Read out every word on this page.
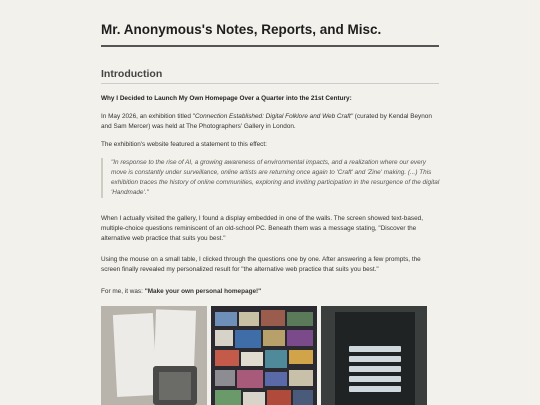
Mr. Anonymous's Notes, Reports, and Misc.
Introduction

Why I Decided to Launch My Own Homepage Over a Quarter into the 21st Century:

In May 2026, an exhibition titled "Connection Established: Digital Folklore and Web Craft" (curated by Kendal Beynon and Sam Mercer) was held at The Photographers' Gallery in London.

The exhibition's website featured a statement to this effect:

"In response to the rise of AI, a growing awareness of environmental impacts, and a realization where our every move is constantly under surveillance, online artists are returning once again to 'Craft' and 'Zine' making. (...) This exhibition traces the history of online communities, exploring and inviting participation in the resurgence of the digital 'Handmade'."

When I actually visited the gallery, I found a display embedded in one of the walls. The screen showed text-based, multiple-choice questions reminiscent of an old-school PC. Beneath them was a message stating, "Discover the alternative web practice that suits you best."

Using the mouse on a small table, I clicked through the questions one by one. After answering a few prompts, the screen finally revealed my personalized result for "the alternative web practice that suits you best."

For me, it was: "Make your own personal homepage!"
